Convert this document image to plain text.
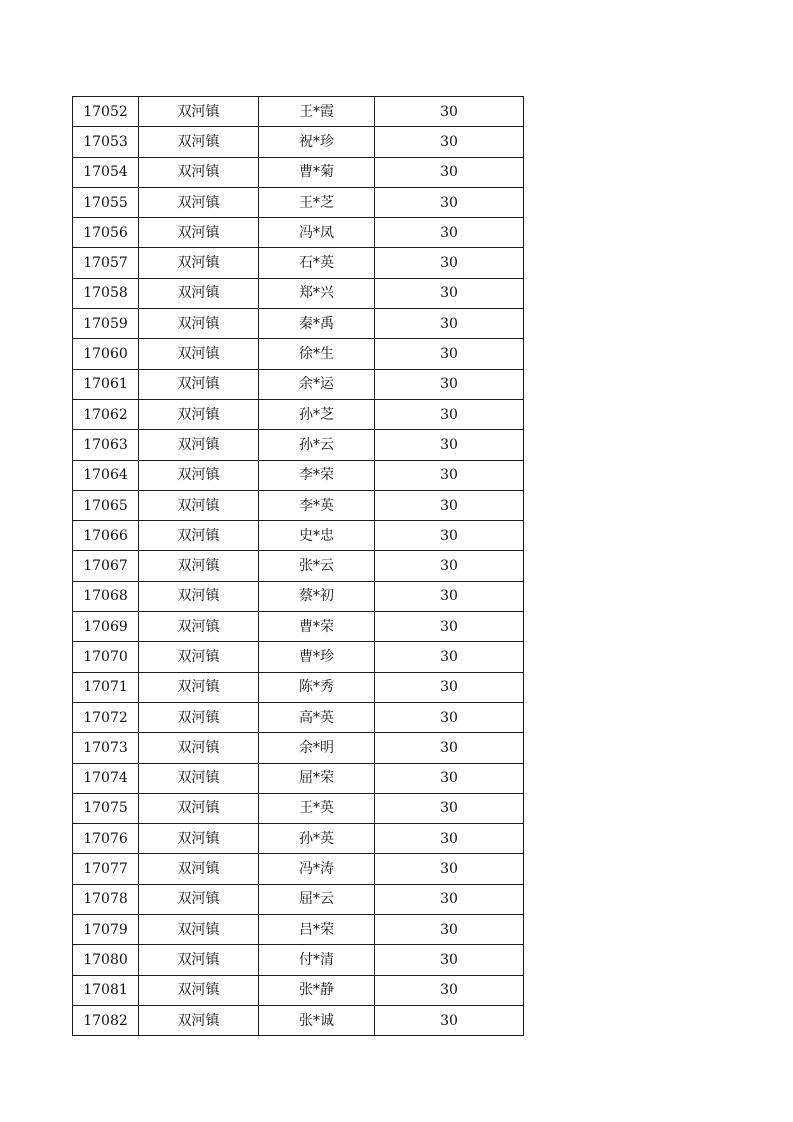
17052	双河镇	王*霞	30
17053	双河镇	祝*珍	30
17054	双河镇	曹*菊	30
17055	双河镇	王*芝	30
17056	双河镇	冯*凤	30
17057	双河镇	石*英	30
17058	双河镇	郑*兴	30
17059	双河镇	秦*禹	30
17060	双河镇	徐*生	30
17061	双河镇	余*运	30
17062	双河镇	孙*芝	30
17063	双河镇	孙*云	30
17064	双河镇	李*荣	30
17065	双河镇	李*英	30
17066	双河镇	史*忠	30
17067	双河镇	张*云	30
17068	双河镇	蔡*初	30
17069	双河镇	曹*荣	30
17070	双河镇	曹*珍	30
17071	双河镇	陈*秀	30
17072	双河镇	高*英	30
17073	双河镇	余*明	30
17074	双河镇	屈*荣	30
17075	双河镇	王*英	30
17076	双河镇	孙*英	30
17077	双河镇	冯*涛	30
17078	双河镇	屈*云	30
17079	双河镇	吕*荣	30
17080	双河镇	付*清	30
17081	双河镇	张*静	30
17082	双河镇	张*诚	30
